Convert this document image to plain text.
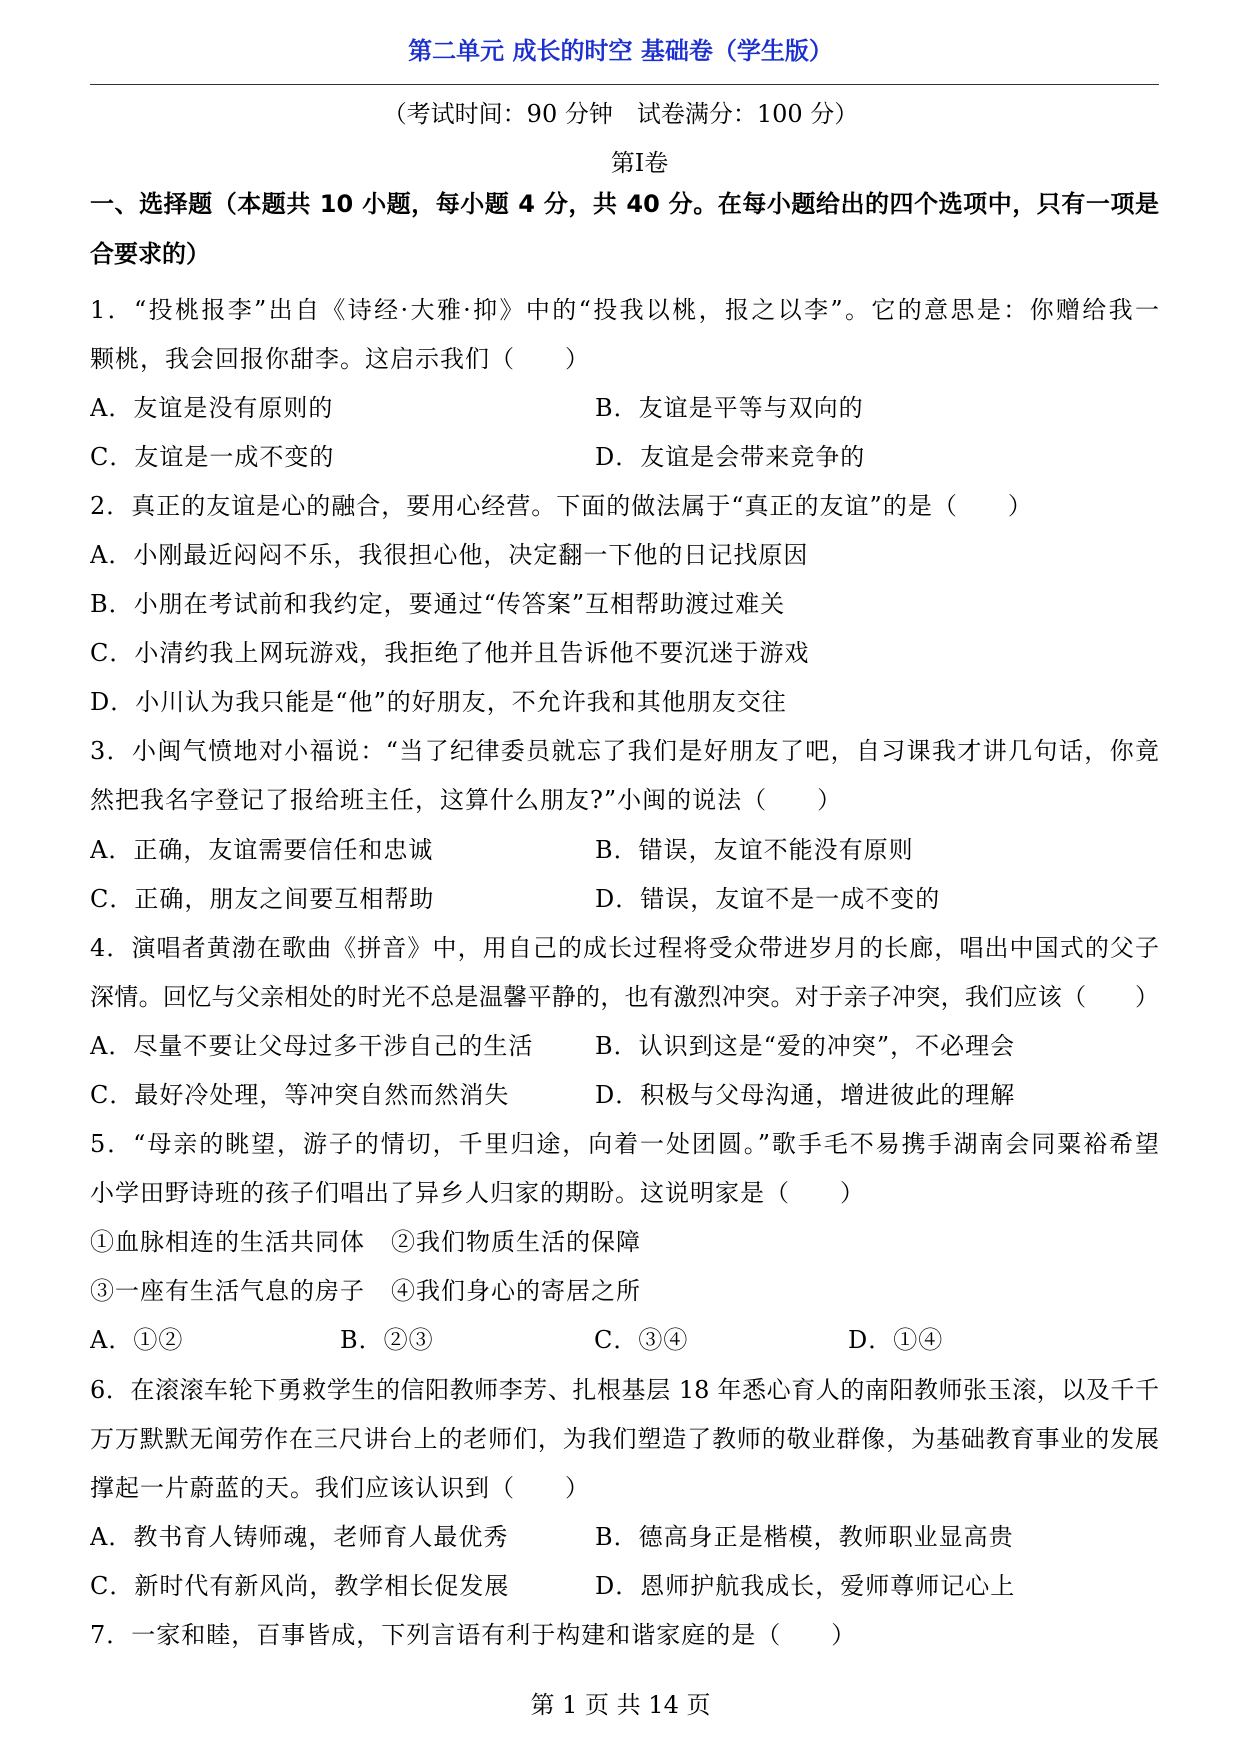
第二单元 成长的时空 基础卷（学生版）
（考试时间：90 分钟　试卷满分：100 分）
第I卷
一、选择题（本题共 10 小题，每小题 4 分，共 40 分。在每小题给出的四个选项中，只有一项是
合要求的）
1．“投桃报李”出自《诗经·大雅·抑》中的“投我以桃，报之以李”。它的意思是：你赠给我一
颗桃，我会回报你甜李。这启示我们（　　）
A．友谊是没有原则的	B．友谊是平等与双向的
C．友谊是一成不变的	D．友谊是会带来竞争的
2．真正的友谊是心的融合，要用心经营。下面的做法属于“真正的友谊”的是（　　）
A．小刚最近闷闷不乐，我很担心他，决定翻一下他的日记找原因
B．小朋在考试前和我约定，要通过“传答案”互相帮助渡过难关
C．小清约我上网玩游戏，我拒绝了他并且告诉他不要沉迷于游戏
D．小川认为我只能是“他”的好朋友，不允许我和其他朋友交往
3．小闽气愤地对小福说：“当了纪律委员就忘了我们是好朋友了吧，自习课我才讲几句话，你竟
然把我名字登记了报给班主任，这算什么朋友?”小闽的说法（　　）
A．正确，友谊需要信任和忠诚	B．错误，友谊不能没有原则
C．正确，朋友之间要互相帮助	D．错误，友谊不是一成不变的
4．演唱者黄渤在歌曲《拼音》中，用自己的成长过程将受众带进岁月的长廊，唱出中国式的父子
深情。回忆与父亲相处的时光不总是温馨平静的，也有激烈冲突。对于亲子冲突，我们应该（　　）
A．尽量不要让父母过多干涉自己的生活	B．认识到这是“爱的冲突”，不必理会
C．最好冷处理，等冲突自然而然消失	D．积极与父母沟通，增进彼此的理解
5．“母亲的眺望，游子的情切，千里归途，向着一处团圆。”歌手毛不易携手湖南会同粟裕希望
小学田野诗班的孩子们唱出了异乡人归家的期盼。这说明家是（　　）
①血脉相连的生活共同体	②我们物质生活的保障
③一座有生活气息的房子	④我们身心的寄居之所
A．①②	B．②③	C．③④	D．①④
6．在滚滚车轮下勇救学生的信阳教师李芳、扎根基层 18 年悉心育人的南阳教师张玉滚，以及千千
万万默默无闻劳作在三尺讲台上的老师们，为我们塑造了教师的敬业群像，为基础教育事业的发展
撑起一片蔚蓝的天。我们应该认识到（　　）
A．教书育人铸师魂，老师育人最优秀	B．德高身正是楷模，教师职业显高贵
C．新时代有新风尚，教学相长促发展	D．恩师护航我成长，爱师尊师记心上
7．一家和睦，百事皆成，下列言语有利于构建和谐家庭的是（　　）
第 1 页 共 14 页
